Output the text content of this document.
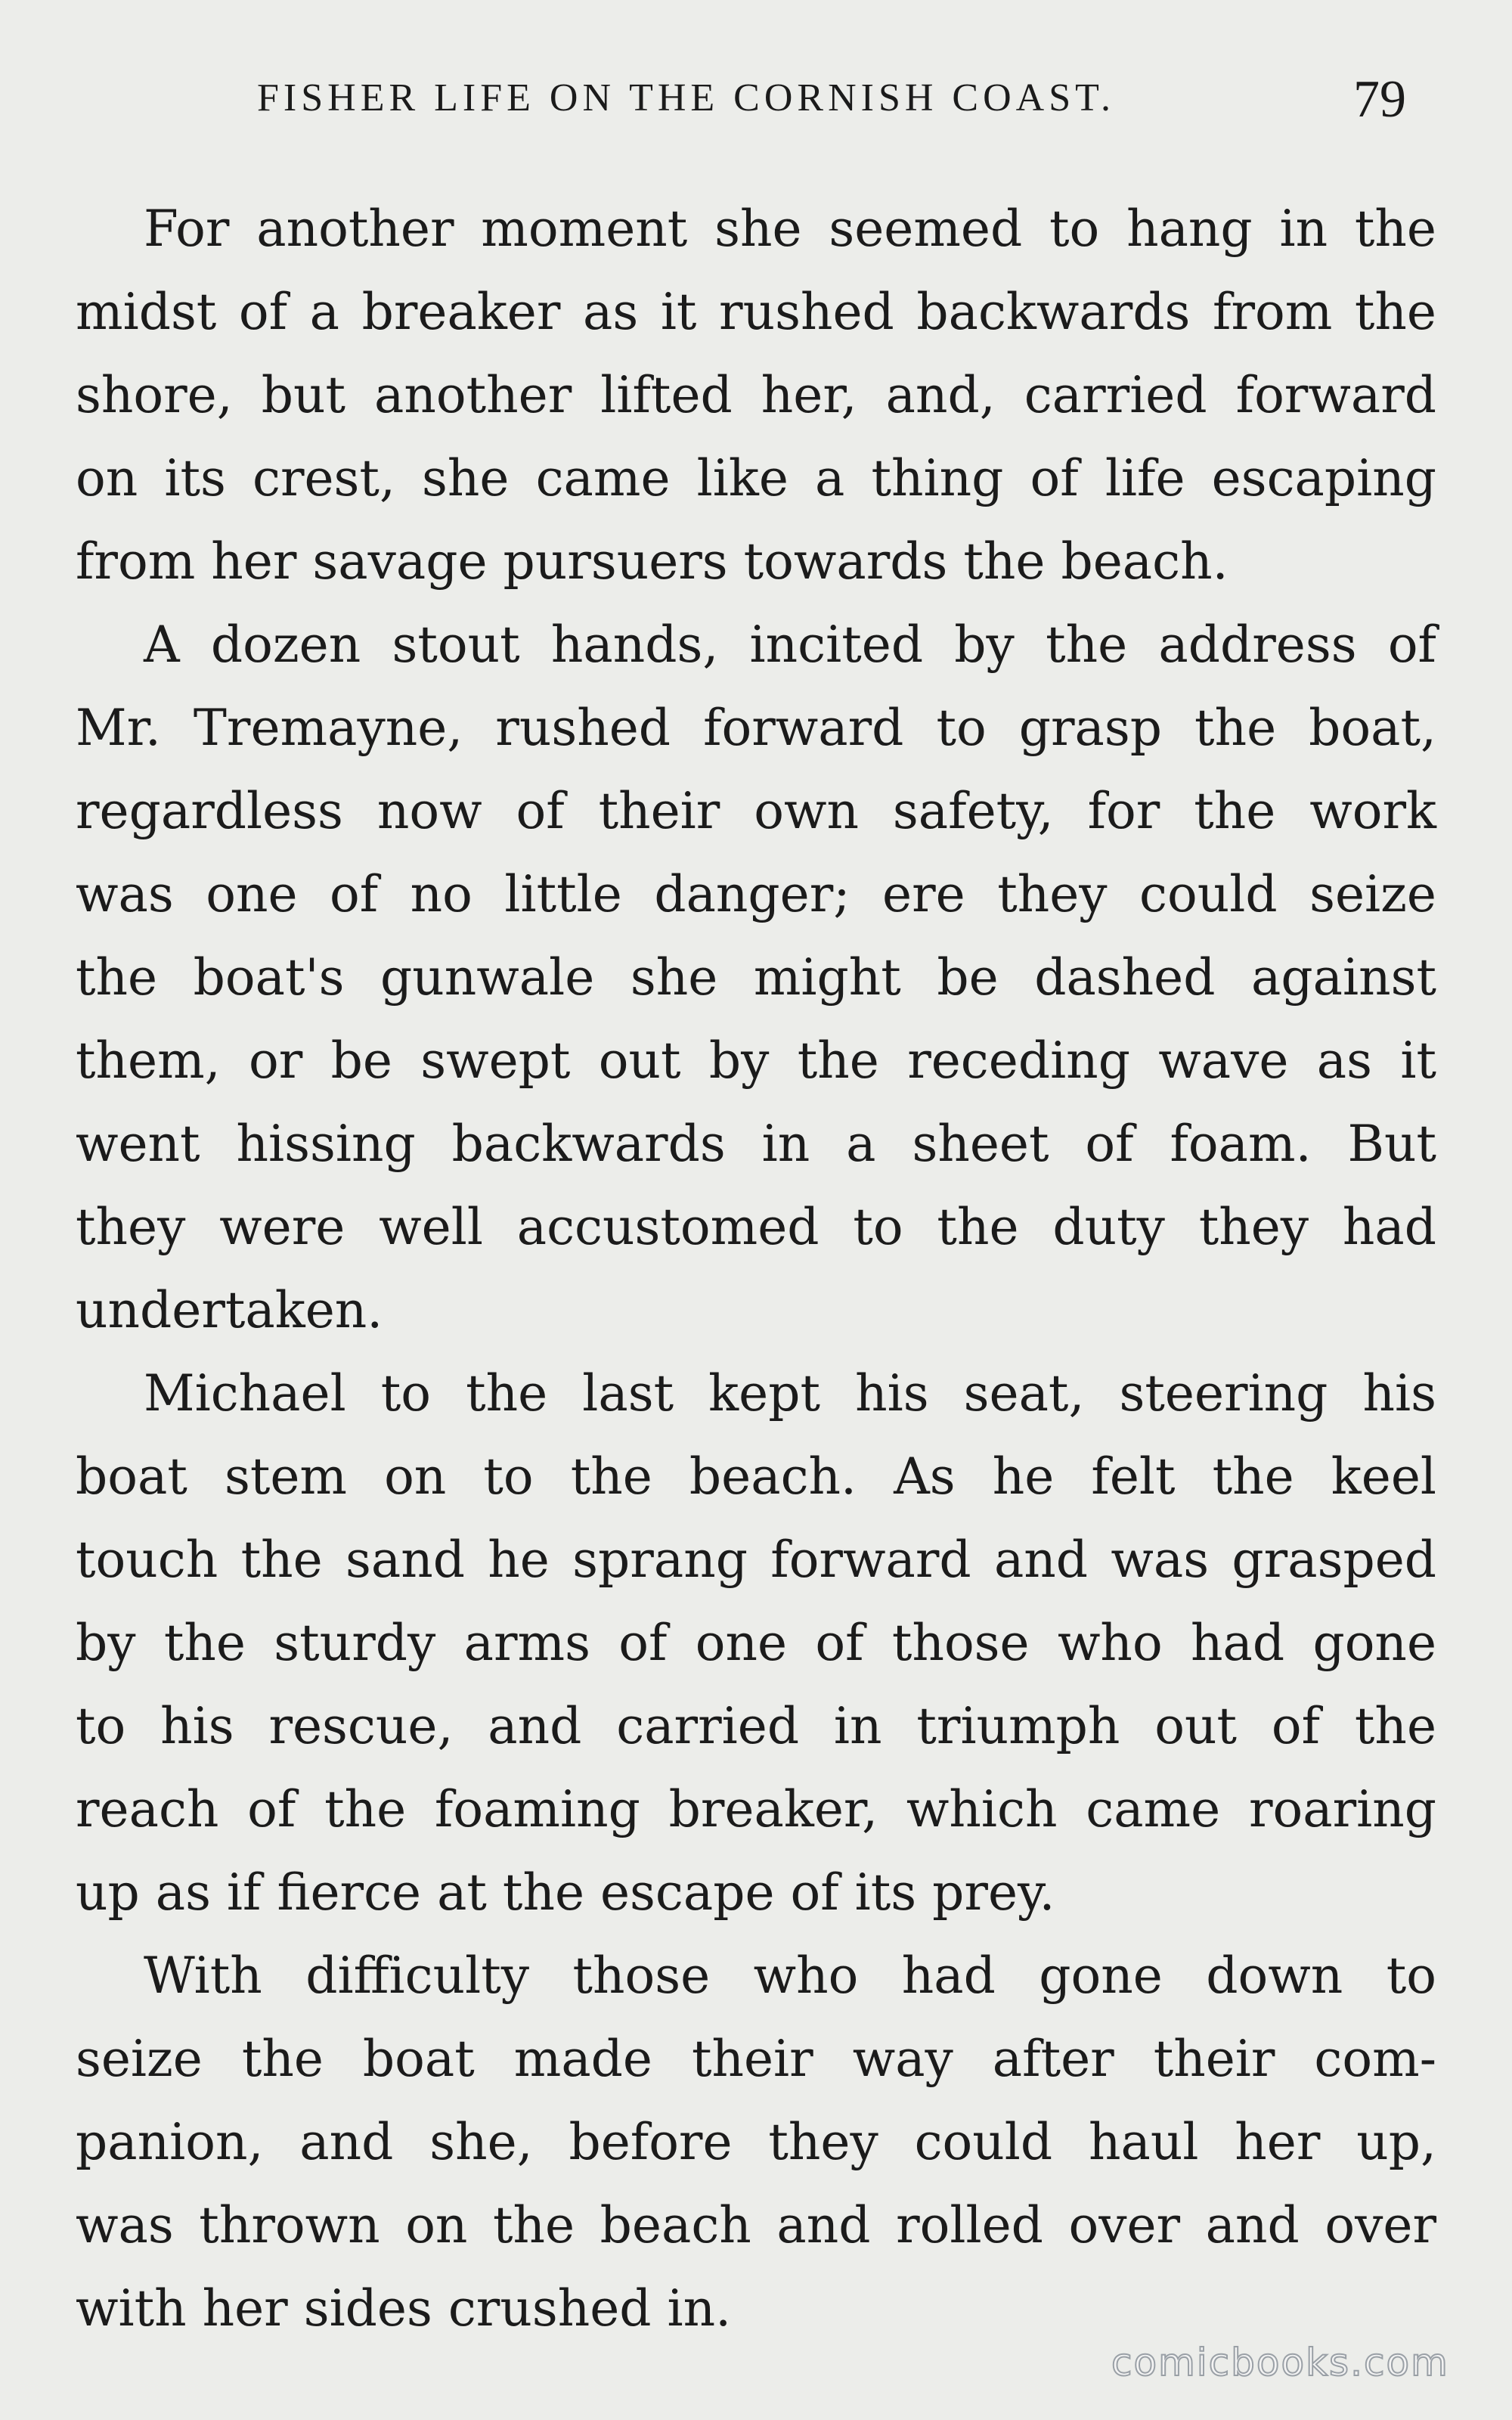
FISHER LIFE ON THE CORNISH COAST.	79
For another moment she seemed to hang in the
midst of a breaker as it rushed backwards from the
shore, but another lifted her, and, carried forward
on its crest, she came like a thing of life escaping
from her savage pursuers towards the beach.
A dozen stout hands, incited by the address of
Mr. Tremayne, rushed forward to grasp the boat,
regardless now of their own safety, for the work
was one of no little danger; ere they could seize
the boat's gunwale she might be dashed against
them, or be swept out by the receding wave as it
went hissing backwards in a sheet of foam. But
they were well accustomed to the duty they had
undertaken.
Michael to the last kept his seat, steering his
boat stem on to the beach. As he felt the keel
touch the sand he sprang forward and was grasped
by the sturdy arms of one of those who had gone
to his rescue, and carried in triumph out of the
reach of the foaming breaker, which came roaring
up as if fierce at the escape of its prey.
With difficulty those who had gone down to
seize the boat made their way after their com-
panion, and she, before they could haul her up,
was thrown on the beach and rolled over and over
with her sides crushed in.
comicbooks.com
